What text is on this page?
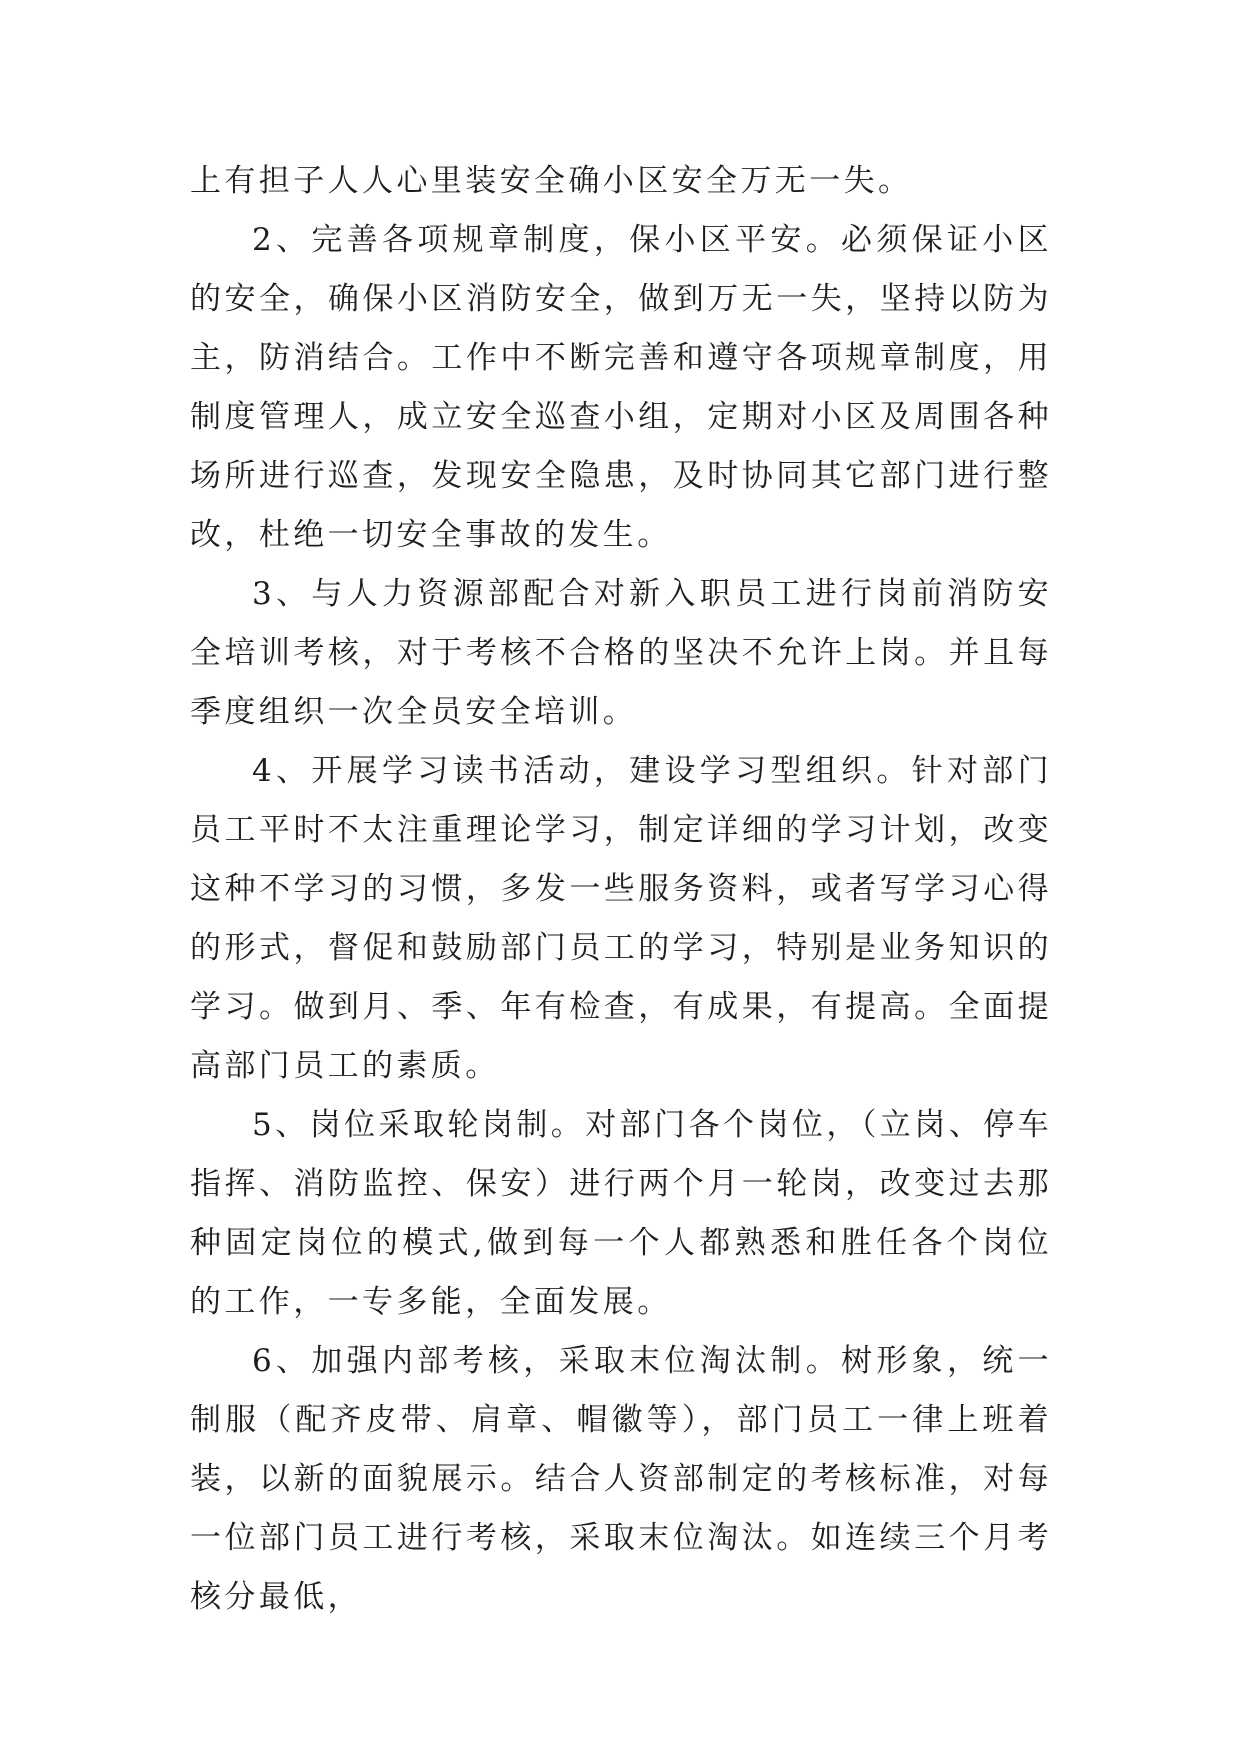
上有担子人人心里装安全确小区安全万无一失。

2、完善各项规章制度，保小区平安。必须保证小区的安全，确保小区消防安全，做到万无一失，坚持以防为主，防消结合。工作中不断完善和遵守各项规章制度，用制度管理人，成立安全巡查小组，定期对小区及周围各种场所进行巡查，发现安全隐患，及时协同其它部门进行整改，杜绝一切安全事故的发生。

3、与人力资源部配合对新入职员工进行岗前消防安全培训考核，对于考核不合格的坚决不允许上岗。并且每季度组织一次全员安全培训。

4、开展学习读书活动，建设学习型组织。针对部门员工平时不太注重理论学习，制定详细的学习计划，改变这种不学习的习惯，多发一些服务资料，或者写学习心得的形式，督促和鼓励部门员工的学习，特别是业务知识的学习。做到月、季、年有检查，有成果，有提高。全面提高部门员工的素质。

5、岗位采取轮岗制。对部门各个岗位，（立岗、停车指挥、消防监控、保安）进行两个月一轮岗，改变过去那种固定岗位的模式,做到每一个人都熟悉和胜任各个岗位的工作，一专多能，全面发展。

6、加强内部考核，采取末位淘汰制。树形象，统一制服（配齐皮带、肩章、帽徽等），部门员工一律上班着装，以新的面貌展示。结合人资部制定的考核标准，对每一位部门员工进行考核，采取末位淘汰。如连续三个月考核分最低，
